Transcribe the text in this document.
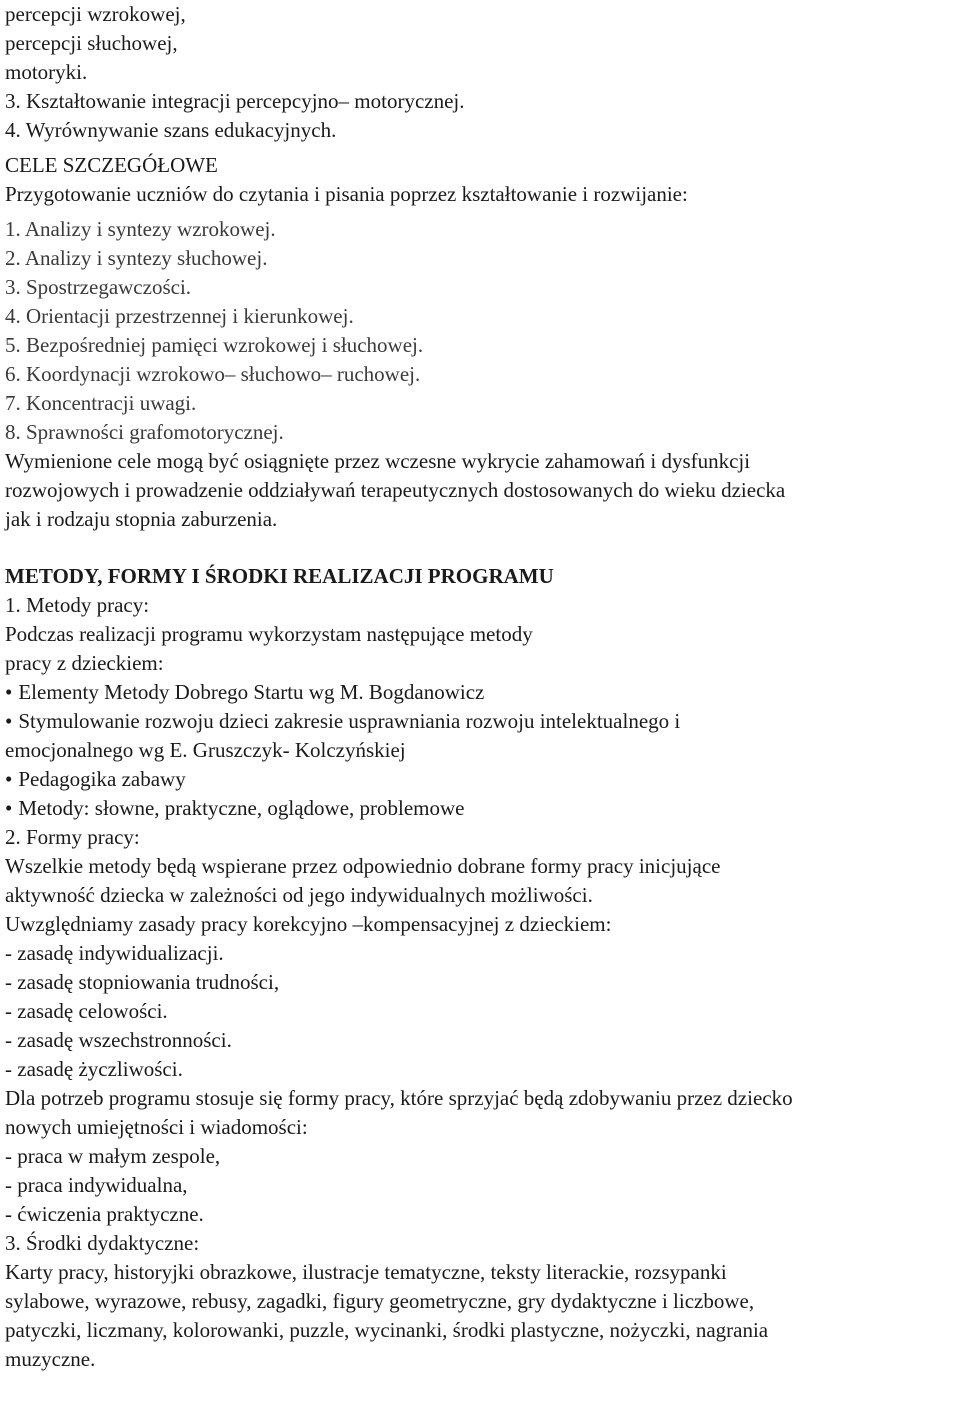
percepcji wzrokowej,
percepcji słuchowej,
motoryki.
3. Kształtowanie integracji percepcyjno– motorycznej.
4. Wyrównywanie szans edukacyjnych.
CELE SZCZEGÓŁOWE
Przygotowanie uczniów do czytania i pisania poprzez kształtowanie i rozwijanie:
1. Analizy i syntezy wzrokowej.
2. Analizy i syntezy słuchowej.
3. Spostrzegawczości.
4. Orientacji przestrzennej i kierunkowej.
5. Bezpośredniej pamięci wzrokowej i słuchowej.
6. Koordynacji wzrokowo– słuchowo– ruchowej.
7. Koncentracji uwagi.
8. Sprawności grafomotorycznej.
Wymienione cele mogą być osiągnięte przez wczesne wykrycie zahamowań i dysfunkcji
rozwojowych i prowadzenie oddziaływań terapeutycznych dostosowanych do wieku dziecka
jak i rodzaju stopnia zaburzenia.
METODY, FORMY I ŚRODKI REALIZACJI PROGRAMU
1. Metody pracy:
Podczas realizacji programu wykorzystam następujące metody
pracy z dzieckiem:
• Elementy Metody Dobrego Startu wg M. Bogdanowicz
• Stymulowanie rozwoju dzieci zakresie usprawniania rozwoju intelektualnego i
emocjonalnego wg E. Gruszczyk- Kolczyńskiej
• Pedagogika zabawy
• Metody: słowne, praktyczne, oglądowe, problemowe
2. Formy pracy:
Wszelkie metody będą wspierane przez odpowiednio dobrane formy pracy inicjujące
aktywność dziecka w zależności od jego indywidualnych możliwości.
Uwzględniamy zasady pracy korekcyjno –kompensacyjnej z dzieckiem:
- zasadę indywidualizacji.
- zasadę stopniowania trudności,
- zasadę celowości.
- zasadę wszechstronności.
- zasadę życzliwości.
Dla potrzeb programu stosuje się formy pracy, które sprzyjać będą zdobywaniu przez dziecko
nowych umiejętności i wiadomości:
- praca w małym zespole,
- praca indywidualna,
- ćwiczenia praktyczne.
3. Środki dydaktyczne:
Karty pracy, historyjki obrazkowe, ilustracje tematyczne, teksty literackie, rozsypanki
sylabowe, wyrazowe, rebusy, zagadki, figury geometryczne, gry dydaktyczne i liczbowe,
patyczki, liczmany, kolorowanki, puzzle, wycinanki, środki plastyczne, nożyczki, nagrania
muzyczne.
